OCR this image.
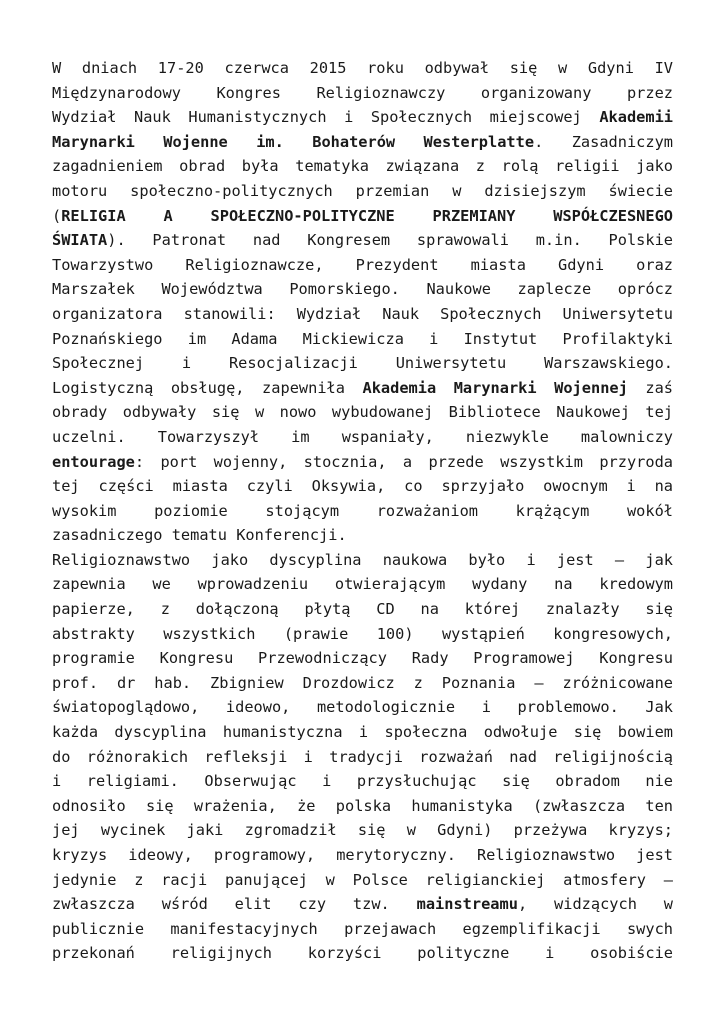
W dniach 17-20 czerwca 2015 roku odbywał się w Gdyni IV
Międzynarodowy Kongres Religioznawczy organizowany przez
Wydział Nauk Humanistycznych i Społecznych miejscowej Akademii
Marynarki Wojenne im. Bohaterów Westerplatte. Zasadniczym
zagadnieniem obrad była tematyka związana z rolą religii jako
motoru społeczno-politycznych przemian w dzisiejszym świecie
(RELIGIA A SPOŁECZNO-POLITYCZNE PRZEMIANY WSPÓŁCZESNEGO
ŚWIATA). Patronat nad Kongresem sprawowali m.in. Polskie
Towarzystwo Religioznawcze, Prezydent miasta Gdyni oraz
Marszałek Województwa Pomorskiego. Naukowe zaplecze oprócz
organizatora stanowili: Wydział Nauk Społecznych Uniwersytetu
Poznańskiego im Adama Mickiewicza i Instytut Profilaktyki
Społecznej i Resocjalizacji Uniwersytetu Warszawskiego.
Logistyczną obsługę, zapewniła Akademia Marynarki Wojennej zaś
obrady odbywały się w nowo wybudowanej Bibliotece Naukowej tej
uczelni. Towarzyszył im wspaniały, niezwykle malowniczy
entourage: port wojenny, stocznia, a przede wszystkim przyroda
tej części miasta czyli Oksywia, co sprzyjało owocnym i na
wysokim poziomie stojącym rozważaniom krążącym wokół
zasadniczego tematu Konferencji.
Religioznawstwo jako dyscyplina naukowa było i jest – jak
zapewnia we wprowadzeniu otwierającym wydany na kredowym
papierze, z dołączoną płytą CD na której znalazły się
abstrakty wszystkich (prawie 100) wystąpień kongresowych,
programie Kongresu Przewodniczący Rady Programowej Kongresu
prof. dr hab. Zbigniew Drozdowicz z Poznania – zróżnicowane
światopoglądowo, ideowo, metodologicznie i problemowo. Jak
każda dyscyplina humanistyczna i społeczna odwołuje się bowiem
do różnorakich refleksji i tradycji rozważań nad religijnością
i religiami. Obserwując i przysłuchując się obradom nie
odnosiło się wrażenia, że polska humanistyka (zwłaszcza ten
jej wycinek jaki zgromadził się w Gdyni) przeżywa kryzys;
kryzys ideowy, programowy, merytoryczny. Religioznawstwo jest
jedynie z racji panującej w Polsce religianckiej atmosfery –
zwłaszcza wśród elit czy tzw. mainstreamu, widzących w
publicznie manifestacyjnych przejawach egzemplifikacji swych
przekonań religijnych korzyści polityczne i osobiście
